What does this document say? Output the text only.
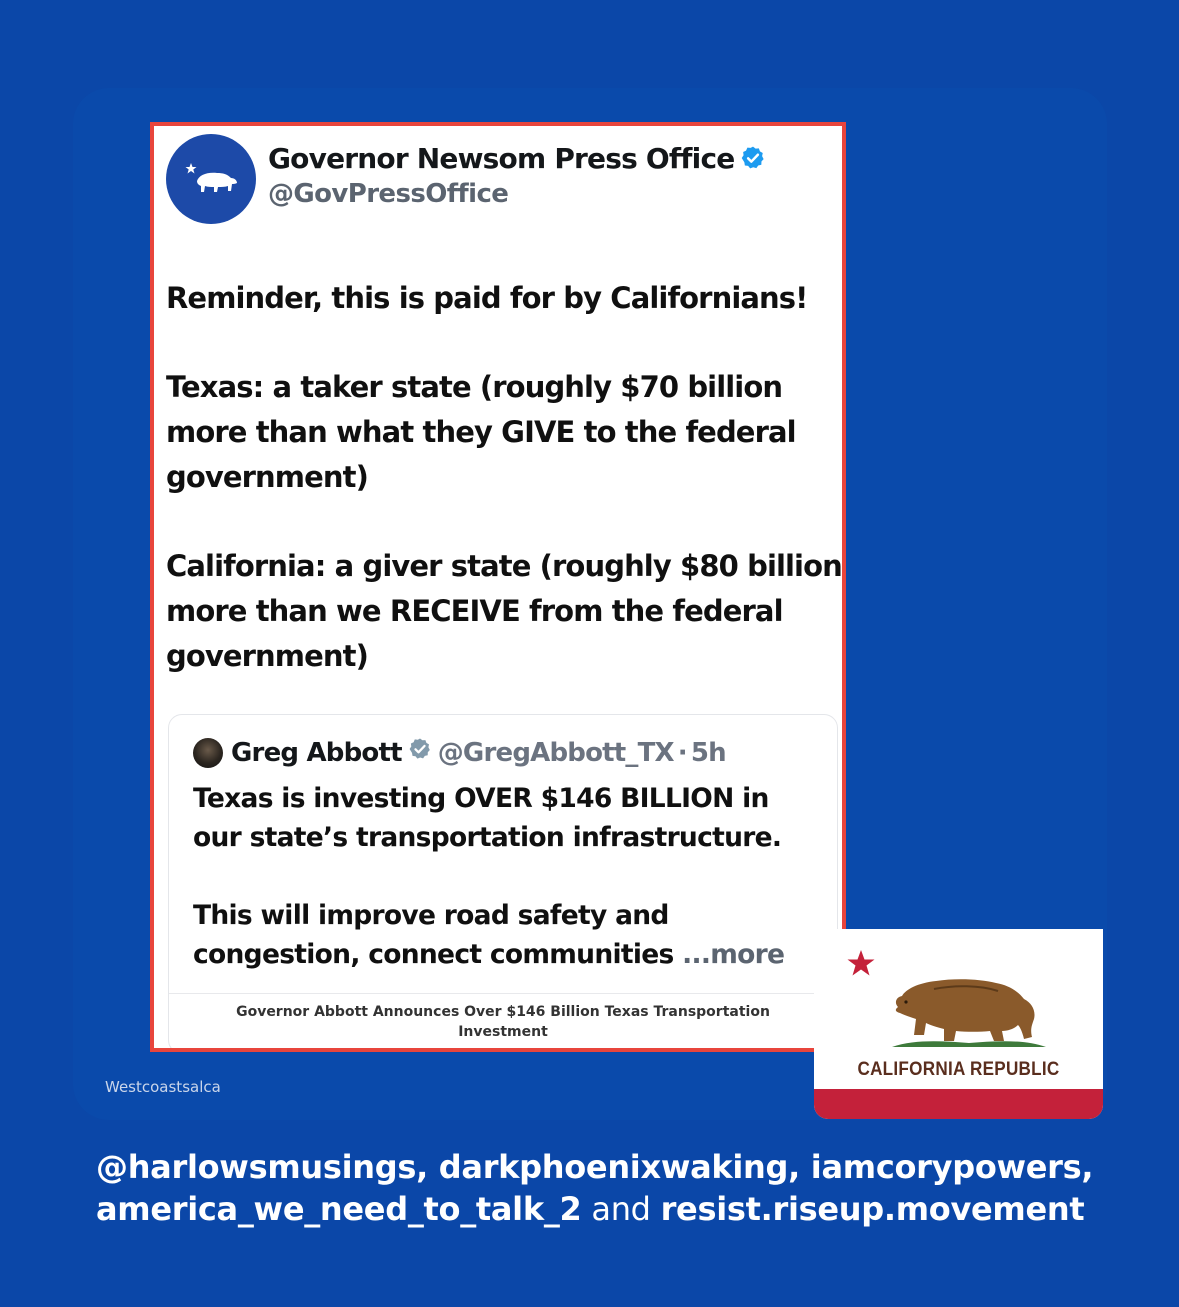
Governor Newsom Press Office
@GovPressOffice

Reminder, this is paid for by Californians!

Texas: a taker state (roughly $70 billion more than what they GIVE to the federal government)

California: a giver state (roughly $80 billion more than we RECEIVE from the federal government)

Greg Abbott @GregAbbott_TX · 5h

Texas is investing OVER $146 BILLION in our state’s transportation infrastructure.

This will improve road safety and congestion, connect communities ...more

Governor Abbott Announces Over $146 Billion Texas Transportation Investment
CALIFORNIA REPUBLIC
Westcoastsalca
@harlowsmusings, darkphoenixwaking, iamcorypowers,
america_we_need_to_talk_2 and resist.riseup.movement
